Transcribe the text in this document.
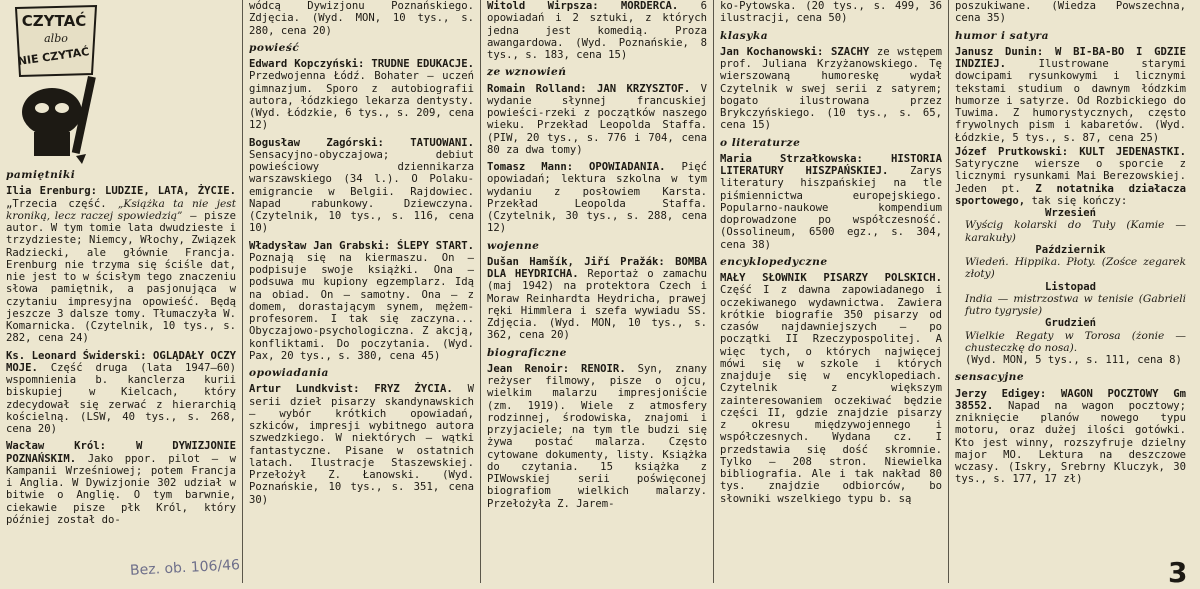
CZYTAĆ
albo
NIE CZYTAĆ

pamiętniki

Ilia Erenburg: LUDZIE, LATA, ŻYCIE. „Trzecia część. „Książka ta nie jest kroniką, lecz raczej spowiedzią” — pisze autor. W tym tomie lata dwudzieste i trzydzieste; Niemcy, Włochy, Związek Radziecki, ale głównie Francja. Erenburg nie trzyma się ściśle dat, nie jest to w ścisłym tego znaczeniu słowa pamiętnik, a pasjonująca w czytaniu impresyjna opowieść. Będą jeszcze 3 dalsze tomy. Tłumaczyła W. Komarnicka. (Czytelnik, 10 tys., s. 282, cena 24)

Ks. Leonard Świderski: OGLĄDAŁY OCZY MOJE. Część druga (lata 1947—60) wspomnienia b. kanclerza kurii biskupiej w Kielcach, który zdecydował się zerwać z hierarchią kościelną. (LSW, 40 tys., s. 268, cena 20)

Wacław Król: W DYWIZJONIE POZNAŃSKIM. Jako ppor. pilot — w Kampanii Wrześniowej; potem Francja i Anglia. W Dywizjonie 302 udział w bitwie o Anglię. O tym barwnie, ciekawie pisze płk Król, który później został do-

wódcą Dywizjonu Poznańskiego. Zdjęcia. (Wyd. MON, 10 tys., s. 280, cena 20)

powieść

Edward Kopczyński: TRUDNE EDUKACJE. Przedwojenna Łódź. Bohater — uczeń gimnazjum. Sporo z autobiografii autora, łódzkiego lekarza dentysty. (Wyd. Łódzkie, 6 tys., s. 209, cena 12)

Bogusław Zagórski: TATUOWANI. Sensacyjno-obyczajowa; debiut powieściowy dziennikarza warszawskiego (34 l.). O Polaku-emigrancie w Belgii. Rajdowiec. Napad rabunkowy. Dziewczyna. (Czytelnik, 10 tys., s. 116, cena 10)

Władysław Jan Grabski: ŚLEPY START. Poznają się na kiermaszu. On — podpisuje swoje książki. Ona — podsuwa mu kupiony egzemplarz. Idą na obiad. On — samotny. Ona — z domem, dorastającym synem, mężem-profesorem. I tak się zaczyna... Obyczajowo-psychologiczna. Z akcją, konfliktami. Do poczytania. (Wyd. Pax, 20 tys., s. 380, cena 45)

opowiadania

Artur Lundkvist: FRYZ ŻYCIA. W serii dzieł pisarzy skandynawskich — wybór krótkich opowiadań, szkiców, impresji wybitnego autora szwedzkiego. W niektórych — wątki fantastyczne. Pisane w ostatnich latach. Ilustracje Staszewskiej. Przełożył Z. Łanowski. (Wyd. Poznańskie, 10 tys., s. 351, cena 30)

Witold Wirpsza: MORDERCA. 6 opowiadań i 2 sztuki, z których jedna jest komedią. Proza awangardowa. (Wyd. Poznańskie, 8 tys., s. 183, cena 15)

ze wznowień

Romain Rolland: JAN KRZYSZTOF. V wydanie słynnej francuskiej powieści-rzeki z początków naszego wieku. Przekład Leopolda Staffa. (PIW, 20 tys., s. 776 i 704, cena 80 za dwa tomy)

Tomasz Mann: OPOWIADANIA. Pięć opowiadań; lektura szkolna w tym wydaniu z posłowiem Karsta. Przekład Leopolda Staffa. (Czytelnik, 30 tys., s. 288, cena 12)

wojenne

Dušan Hamšík, Jiří Pražák: BOMBA DLA HEYDRICHA. Reportaż o zamachu (maj 1942) na protektora Czech i Moraw Reinhardta Heydricha, prawej ręki Himmlera i szefa wywiadu SS. Zdjęcia. (Wyd. MON, 10 tys., s. 362, cena 20)

biograficzne

Jean Renoir: RENOIR. Syn, znany reżyser filmowy, pisze o ojcu, wielkim malarzu impresjoniście (zm. 1919). Wiele z atmosfery rodzinnej, środowiska, znajomi i przyjaciele; na tym tle budzi się żywa postać malarza. Często cytowane dokumenty, listy. Książka do czytania. 15 książka z PIWowskiej serii poświęconej biografiom wielkich malarzy. Przełożyła Z. Jarem-

ko-Pytowska. (20 tys., s. 499, 36 ilustracji, cena 50)

klasyka

Jan Kochanowski: SZACHY ze wstępem prof. Juliana Krzyżanowskiego. Tę wierszowaną humoreskę wydał Czytelnik w swej serii z satyrem; bogato ilustrowana przez Brykczyńskiego. (10 tys., s. 65, cena 15)

o literaturze

Maria Strzałkowska: HISTORIA LITERATURY HISZPAŃSKIEJ. Zarys literatury hiszpańskiej na tle piśmiennictwa europejskiego. Popularno-naukowe kompendium doprowadzone po współczesność. (Ossolineum, 6500 egz., s. 304, cena 38)

encyklopedyczne

MAŁY SŁOWNIK PISARZY POLSKICH. Część I z dawna zapowiadanego i oczekiwanego wydawnictwa. Zawiera krótkie biografie 350 pisarzy od czasów najdawniejszych — po początki II Rzeczypospolitej. A więc tych, o których najwięcej mówi się w szkole i których znajduje się w encyklopediach. Czytelnik z większym zainteresowaniem oczekiwać będzie części II, gdzie znajdzie pisarzy z okresu międzywojennego i współczesnych. Wydana cz. I przedstawia się dość skromnie. Tylko — 208 stron. Niewielka bibliografia. Ale i tak nakład 80 tys. znajdzie odbiorców, bo słowniki wszelkiego typu b. są

poszukiwane. (Wiedza Powszechna, cena 35)

humor i satyra

Janusz Dunin: W BI-BA-BO I GDZIE INDZIEJ. Ilustrowane starymi dowcipami rysunkowymi i licznymi tekstami studium o dawnym łódzkim humorze i satyrze. Od Rozbickiego do Tuwima. Z humorystycznych, często frywolnych pism i kabaretów. (Wyd. Łódzkie, 5 tys., s. 87, cena 25)

Józef Prutkowski: KULT JEDENASTKI. Satyryczne wiersze o sporcie z licznymi rysunkami Mai Berezowskiej. Jeden pt. Z notatnika działacza sportowego, tak się kończy:

Wrzesień

Wyścig kolarski do Tuły (Kamie — karakuły)

Październik

Wiedeń. Hippika. Płoty. (Zośce zegarek złoty)

Listopad

India — mistrzostwa w tenisie (Gabrieli futro tygrysie)

Grudzień

Wielkie Regaty w Torosa (żonie — chusteczkę do nosa).

(Wyd. MON, 5 tys., s. 111, cena 8)

sensacyjne

Jerzy Edigey: WAGON POCZTOWY Gm 38552. Napad na wagon pocztowy; zniknięcie planów nowego typu motoru, oraz dużej ilości gotówki. Kto jest winny, rozszyfruje dzielny major MO. Lektura na deszczowe wczasy. (Iskry, Srebrny Kluczyk, 30 tys., s. 177, 17 zł)

Bez. ob. 106/46	3
